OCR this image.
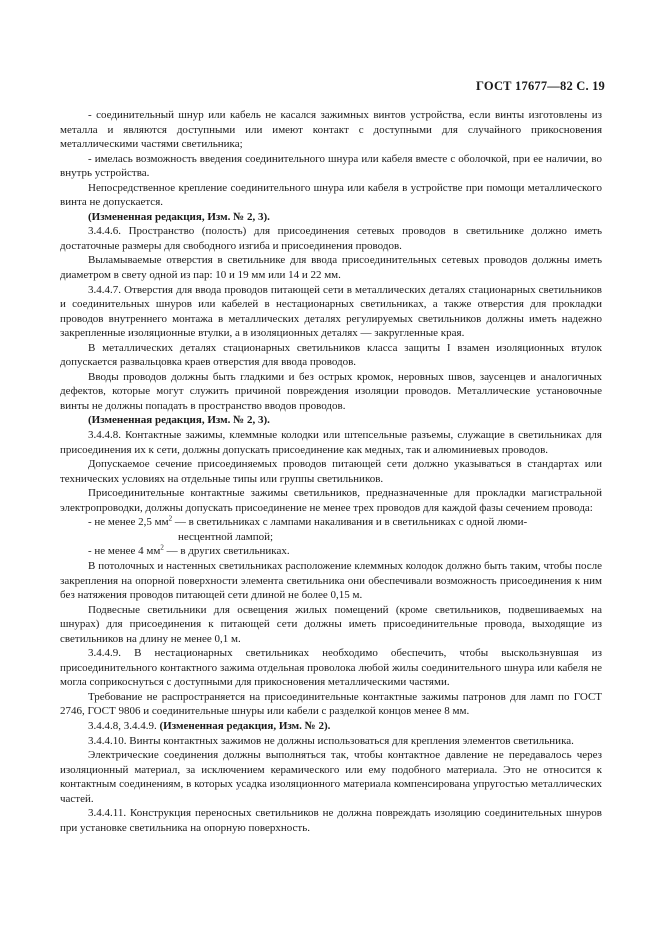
ГОСТ 17677—82 С. 19

- соединительный шнур или кабель не касался зажимных винтов устройства, если винты изготовлены из металла и являются доступными или имеют контакт с доступными для случайного прикосновения металлическими частями светильника;

- имелась возможность введения соединительного шнура или кабеля вместе с оболочкой, при ее наличии, во внутрь устройства.

Непосредственное крепление соединительного шнура или кабеля в устройстве при помощи металлического винта не допускается.

(Измененная редакция, Изм. № 2, 3).

3.4.4.6. Пространство (полость) для присоединения сетевых проводов в светильнике должно иметь достаточные размеры для свободного изгиба и присоединения проводов.

Выламываемые отверстия в светильнике для ввода присоединительных сетевых проводов должны иметь диаметром в свету одной из пар: 10 и 19 мм или 14 и 22 мм.

3.4.4.7. Отверстия для ввода проводов питающей сети в металлических деталях стационарных светильников и соединительных шнуров или кабелей в нестационарных светильниках, а также отверстия для прокладки проводов внутреннего монтажа в металлических деталях регулируемых светильников должны иметь надежно закрепленные изоляционные втулки, а в изоляционных деталях — закругленные края.

В металлических деталях стационарных светильников класса защиты I взамен изоляционных втулок допускается развальцовка краев отверстия для ввода проводов.

Вводы проводов должны быть гладкими и без острых кромок, неровных швов, заусенцев и аналогичных дефектов, которые могут служить причиной повреждения изоляции проводов. Металлические установочные винты не должны попадать в пространство вводов проводов.

(Измененная редакция, Изм. № 2, 3).

3.4.4.8. Контактные зажимы, клеммные колодки или штепсельные разъемы, служащие в светильниках для присоединения их к сети, должны допускать присоединение как медных, так и алюминиевых проводов.

Допускаемое сечение присоединяемых проводов питающей сети должно указываться в стандартах или технических условиях на отдельные типы или группы светильников.

Присоединительные контактные зажимы светильников, предназначенные для прокладки магистральной электропроводки, должны допускать присоединение не менее трех проводов для каждой фазы сечением провода:

- не менее 2,5 $мм^2$ — в светильниках с лампами накаливания и в светильниках с одной люми-
несцентной лампой;

- не менее 4 $мм^2$ — в других светильниках.

В потолочных и настенных светильниках расположение клеммных колодок должно быть таким, чтобы после закрепления на опорной поверхности элемента светильника они обеспечивали возможность присоединения к ним без натяжения проводов питающей сети длиной не более 0,15 м.

Подвесные светильники для освещения жилых помещений (кроме светильников, подвешиваемых на шнурах) для присоединения к питающей сети должны иметь присоединительные провода, выходящие из светильников на длину не менее 0,1 м.

3.4.4.9. В нестационарных светильниках необходимо обеспечить, чтобы выскользнувшая из присоединительного контактного зажима отдельная проволока любой жилы соединительного шнура или кабеля не могла соприкоснуться с доступными для прикосновения металлическими частями.

Требование не распространяется на присоединительные контактные зажимы патронов для ламп по ГОСТ 2746, ГОСТ 9806 и соединительные шнуры или кабели с разделкой концов менее 8 мм.

3.4.4.8, 3.4.4.9. (Измененная редакция, Изм. № 2).

3.4.4.10. Винты контактных зажимов не должны использоваться для крепления элементов светильника.

Электрические соединения должны выполняться так, чтобы контактное давление не передавалось через изоляционный материал, за исключением керамического или ему подобного материала. Это не относится к контактным соединениям, в которых усадка изоляционного материала компенсирована упругостью металлических частей.

3.4.4.11. Конструкция переносных светильников не должна повреждать изоляцию соединительных шнуров при установке светильника на опорную поверхность.
